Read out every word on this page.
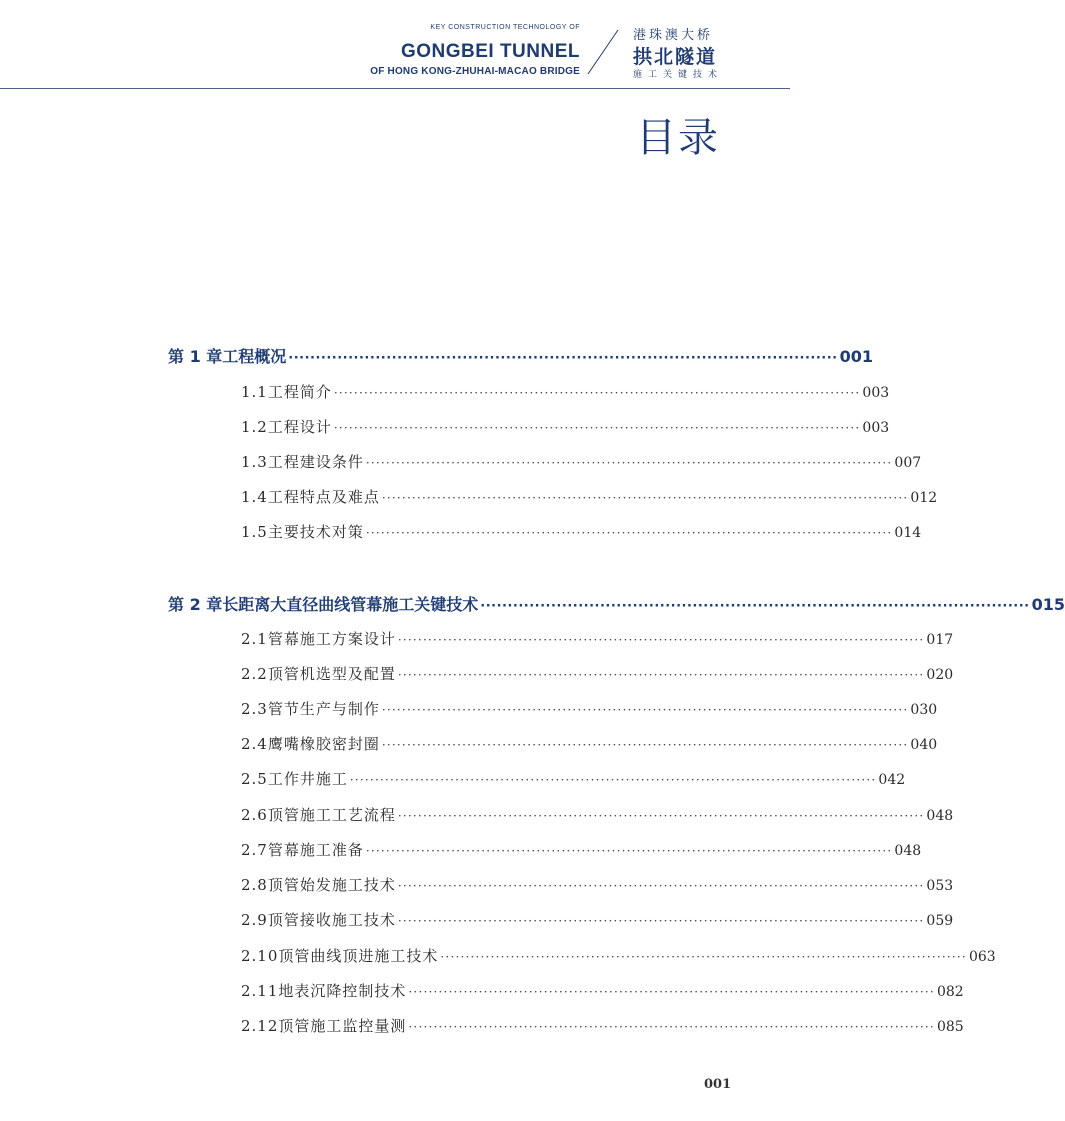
KEY CONSTRUCTION TECHNOLOGY OF
GONGBEI TUNNEL
OF HONG KONG-ZHUHAI-MACAO BRIDGE
港珠澳大桥
拱北隧道
施工关键技术
目录
第 1 章 工程概况 ····································································································· 001
1.1 工程简介 ········································································································· 003
1.2 工程设计 ········································································································· 003
1.3 工程建设条件 ········································································································· 007
1.4 工程特点及难点 ········································································································· 012
1.5 主要技术对策 ········································································································· 014
第 2 章 长距离大直径曲线管幕施工关键技术 ····································································································· 015
2.1 管幕施工方案设计 ········································································································· 017
2.2 顶管机选型及配置 ········································································································· 020
2.3 管节生产与制作 ········································································································· 030
2.4 鹰嘴橡胶密封圈 ········································································································· 040
2.5 工作井施工 ········································································································· 042
2.6 顶管施工工艺流程 ········································································································· 048
2.7 管幕施工准备 ········································································································· 048
2.8 顶管始发施工技术 ········································································································· 053
2.9 顶管接收施工技术 ········································································································· 059
2.10 顶管曲线顶进施工技术 ········································································································· 063
2.11 地表沉降控制技术 ········································································································· 082
2.12 顶管施工监控量测 ········································································································· 085
001
